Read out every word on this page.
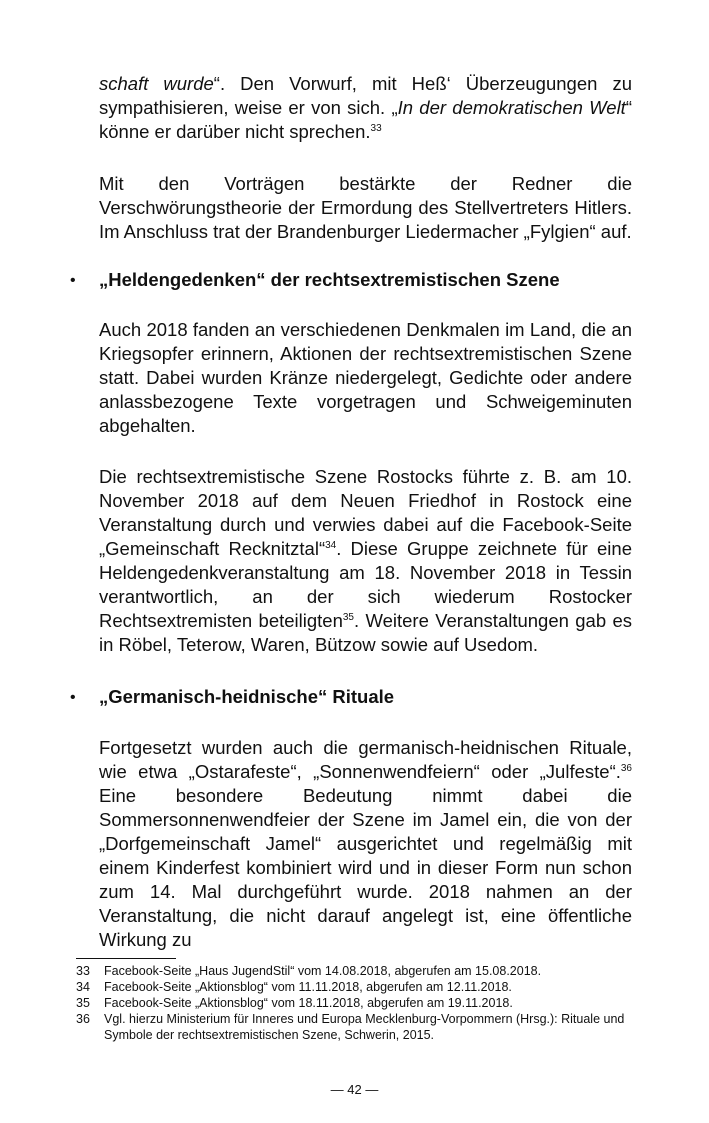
schaft wurde“. Den Vorwurf, mit Heß‘ Überzeugungen zu sympathisieren, weise er von sich. „In der demokratischen Welt“ könne er darüber nicht sprechen.$^{33}$

Mit den Vorträgen bestärkte der Redner die Verschwörungstheorie der Ermordung des Stellvertreters Hitlers. Im Anschluss trat der Brandenburger Liedermacher „Fylgien“ auf.

• „Heldengedenken“ der rechtsextremistischen Szene

Auch 2018 fanden an verschiedenen Denkmalen im Land, die an Kriegsopfer erinnern, Aktionen der rechtsextremistischen Szene statt. Dabei wurden Kränze niedergelegt, Gedichte oder andere anlassbezogene Texte vorgetragen und Schweigeminuten abgehalten.

Die rechtsextremistische Szene Rostocks führte z. B. am 10. November 2018 auf dem Neuen Friedhof in Rostock eine Veranstaltung durch und verwies dabei auf die Facebook-Seite „Gemeinschaft Recknitztal“$^{34}$. Diese Gruppe zeichnete für eine Heldengedenkveranstaltung am 18. November 2018 in Tessin verantwortlich, an der sich wiederum Rostocker Rechtsextremisten beteiligten$^{35}$. Weitere Veranstaltungen gab es in Röbel, Teterow, Waren, Bützow sowie auf Usedom.

• „Germanisch-heidnische“ Rituale

Fortgesetzt wurden auch die germanisch-heidnischen Rituale, wie etwa „Ostarafeste“, „Sonnenwendfeiern“ oder „Julfeste“.$^{36}$ Eine besondere Bedeutung nimmt dabei die Sommersonnenwendfeier der Szene im Jamel ein, die von der „Dorfgemeinschaft Jamel“ ausgerichtet und regelmäßig mit einem Kinderfest kombiniert wird und in dieser Form nun schon zum 14. Mal durchgeführt wurde. 2018 nahmen an der Veranstaltung, die nicht darauf angelegt ist, eine öffentliche Wirkung zu

33	Facebook-Seite „Haus JugendStil“ vom 14.08.2018, abgerufen am 15.08.2018.
34	Facebook-Seite „Aktionsblog“ vom 11.11.2018, abgerufen am 12.11.2018.
35	Facebook-Seite „Aktionsblog“ vom 18.11.2018, abgerufen am 19.11.2018.
36	Vgl. hierzu Ministerium für Inneres und Europa Mecklenburg-Vorpommern (Hrsg.): Rituale und Symbole der rechtsextremistischen Szene, Schwerin, 2015.
— 42 —
